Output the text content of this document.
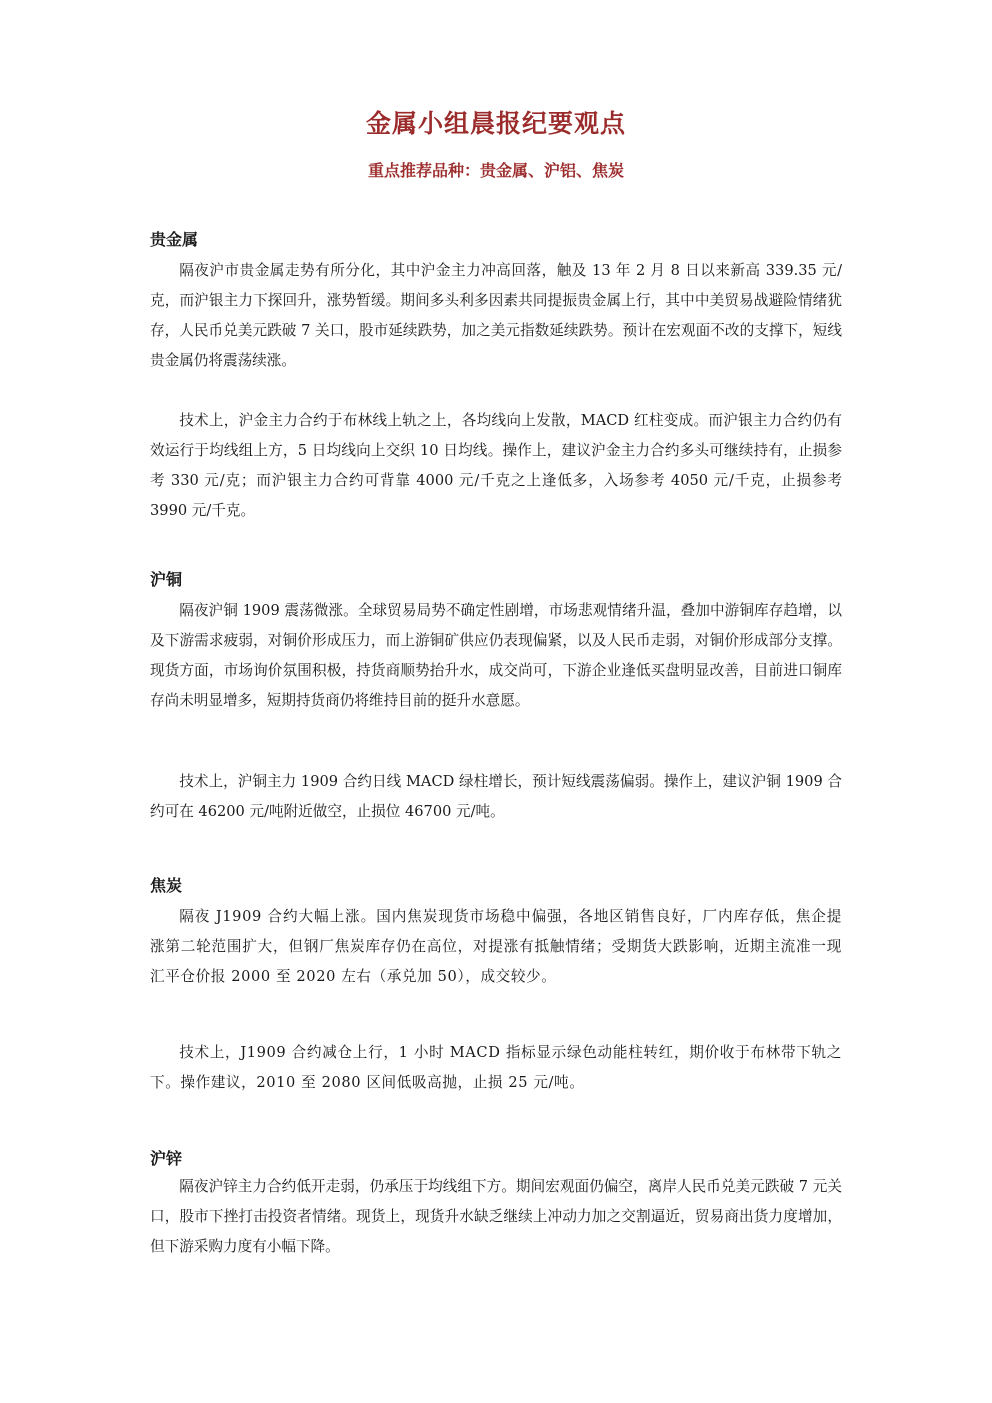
金属小组晨报纪要观点
重点推荐品种：贵金属、沪铝、焦炭
贵金属

隔夜沪市贵金属走势有所分化，其中沪金主力冲高回落，触及 13 年 2 月 8 日以来新高 339.35 元/克，而沪银主力下探回升，涨势暂缓。期间多头利多因素共同提振贵金属上行，其中中美贸易战避险情绪犹存，人民币兑美元跌破 7 关口，股市延续跌势，加之美元指数延续跌势。预计在宏观面不改的支撑下，短线贵金属仍将震荡续涨。

技术上，沪金主力合约于布林线上轨之上，各均线向上发散，MACD 红柱变成。而沪银主力合约仍有效运行于均线组上方，5 日均线向上交织 10 日均线。操作上，建议沪金主力合约多头可继续持有，止损参考 330 元/克；而沪银主力合约可背靠 4000 元/千克之上逢低多，入场参考 4050 元/千克，止损参考 3990 元/千克。

沪铜

隔夜沪铜 1909 震荡微涨。全球贸易局势不确定性剧增，市场悲观情绪升温，叠加中游铜库存趋增，以及下游需求疲弱，对铜价形成压力，而上游铜矿供应仍表现偏紧，以及人民币走弱，对铜价形成部分支撑。现货方面，市场询价氛围积极，持货商顺势抬升水，成交尚可，下游企业逢低买盘明显改善，目前进口铜库存尚未明显增多，短期持货商仍将维持目前的挺升水意愿。

技术上，沪铜主力 1909 合约日线 MACD 绿柱增长，预计短线震荡偏弱。操作上，建议沪铜 1909 合约可在 46200 元/吨附近做空，止损位 46700 元/吨。

焦炭

隔夜 J1909 合约大幅上涨。国内焦炭现货市场稳中偏强，各地区销售良好，厂内库存低，焦企提涨第二轮范围扩大，但钢厂焦炭库存仍在高位，对提涨有抵触情绪；受期货大跌影响，近期主流准一现汇平仓价报 2000 至 2020 左右（承兑加 50），成交较少。

技术上，J1909 合约减仓上行，1 小时 MACD 指标显示绿色动能柱转红，期价收于布林带下轨之下。操作建议，2010 至 2080 区间低吸高抛，止损 25 元/吨。

沪锌

隔夜沪锌主力合约低开走弱，仍承压于均线组下方。期间宏观面仍偏空，离岸人民币兑美元跌破 7 元关口，股市下挫打击投资者情绪。现货上，现货升水缺乏继续上冲动力加之交割逼近，贸易商出货力度增加，但下游采购力度有小幅下降。
